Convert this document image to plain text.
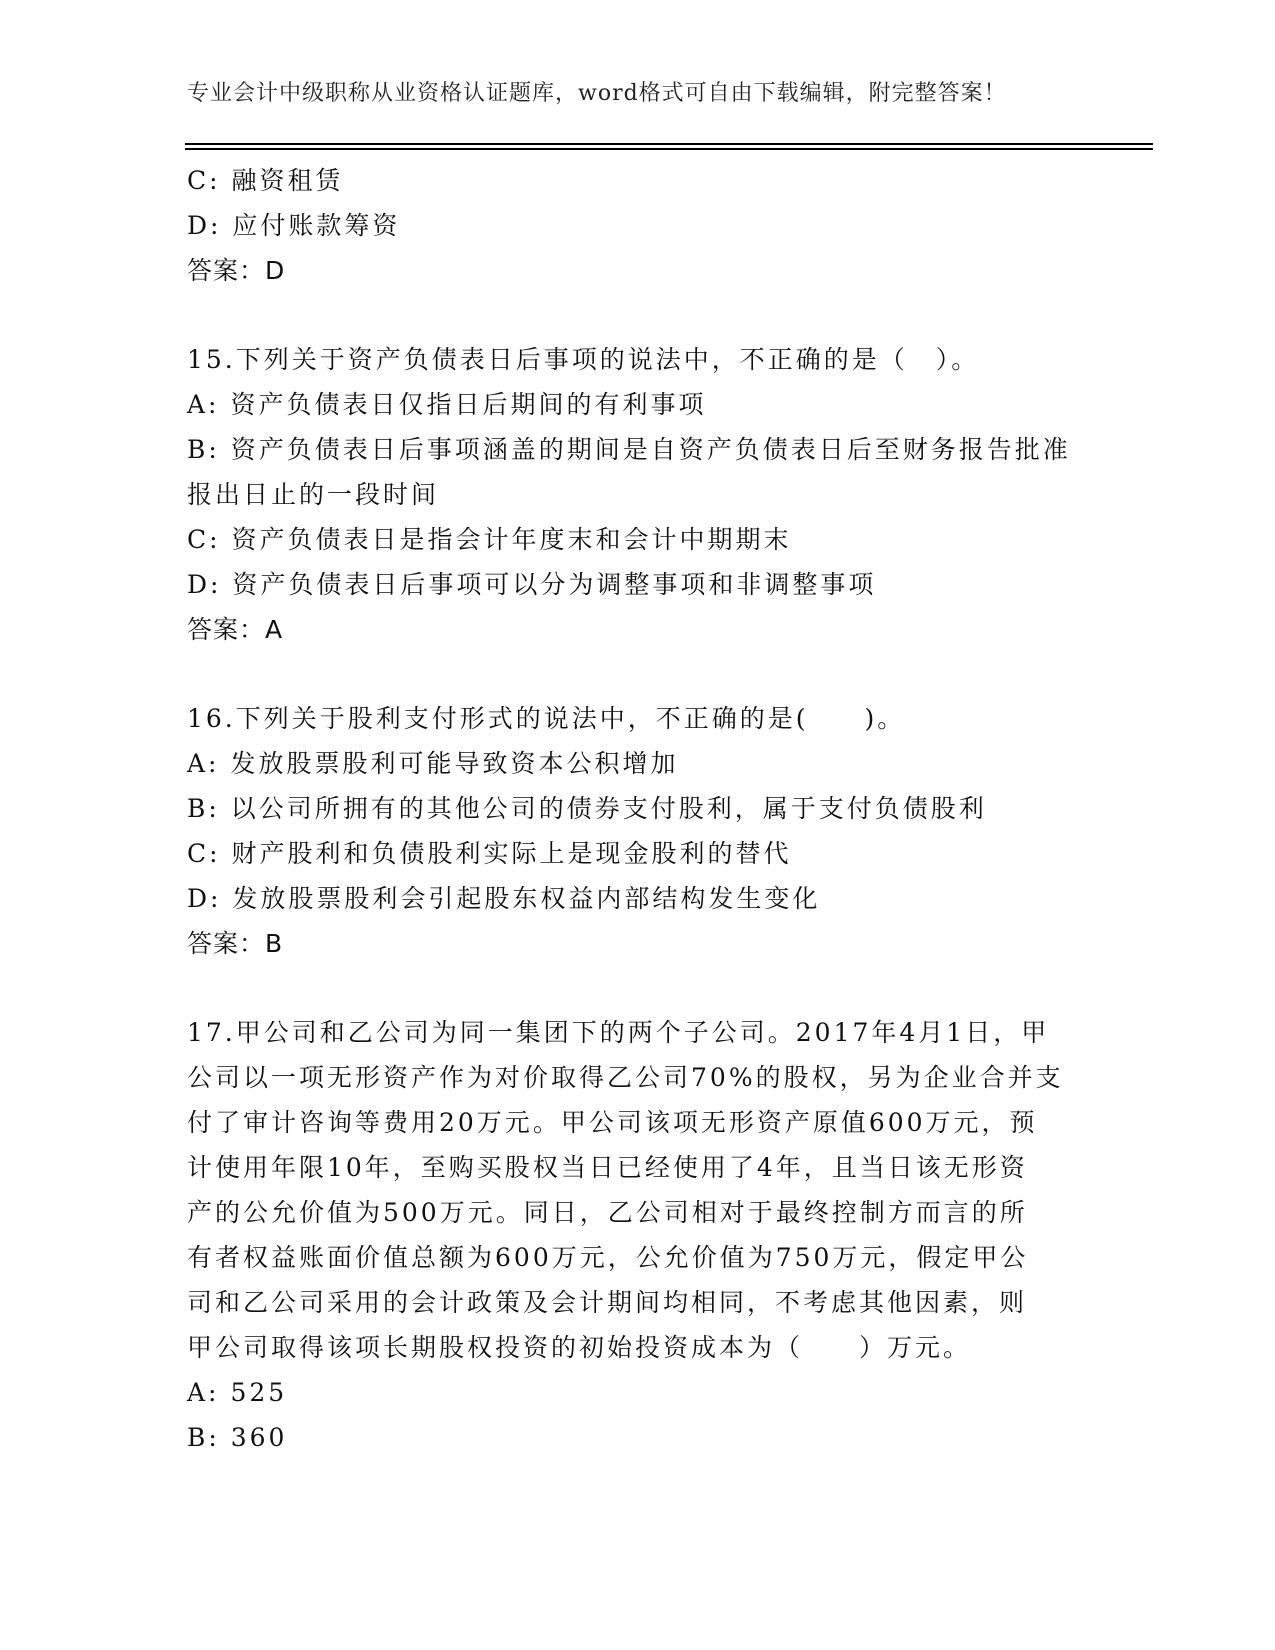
专业会计中级职称从业资格认证题库，word格式可自由下载编辑，附完整答案！
C: 融资租赁
D: 应付账款筹资
答案：D
15.下列关于资产负债表日后事项的说法中，不正确的是（　）。
A: 资产负债表日仅指日后期间的有利事项
B: 资产负债表日后事项涵盖的期间是自资产负债表日后至财务报告批准报出日止的一段时间
C: 资产负债表日是指会计年度末和会计中期期末
D: 资产负债表日后事项可以分为调整事项和非调整事项
答案：A
16.下列关于股利支付形式的说法中，不正确的是(　　)。
A: 发放股票股利可能导致资本公积增加
B: 以公司所拥有的其他公司的债券支付股利，属于支付负债股利
C: 财产股利和负债股利实际上是现金股利的替代
D: 发放股票股利会引起股东权益内部结构发生变化
答案：B
17.甲公司和乙公司为同一集团下的两个子公司。2017年4月1日，甲
公司以一项无形资产作为对价取得乙公司70%的股权，另为企业合并支
付了审计咨询等费用20万元。甲公司该项无形资产原值600万元，预
计使用年限10年，至购买股权当日已经使用了4年，且当日该无形资
产的公允价值为500万元。同日，乙公司相对于最终控制方而言的所
有者权益账面价值总额为600万元，公允价值为750万元，假定甲公
司和乙公司采用的会计政策及会计期间均相同，不考虑其他因素，则
甲公司取得该项长期股权投资的初始投资成本为（　　）万元。
A: 525
B: 360
